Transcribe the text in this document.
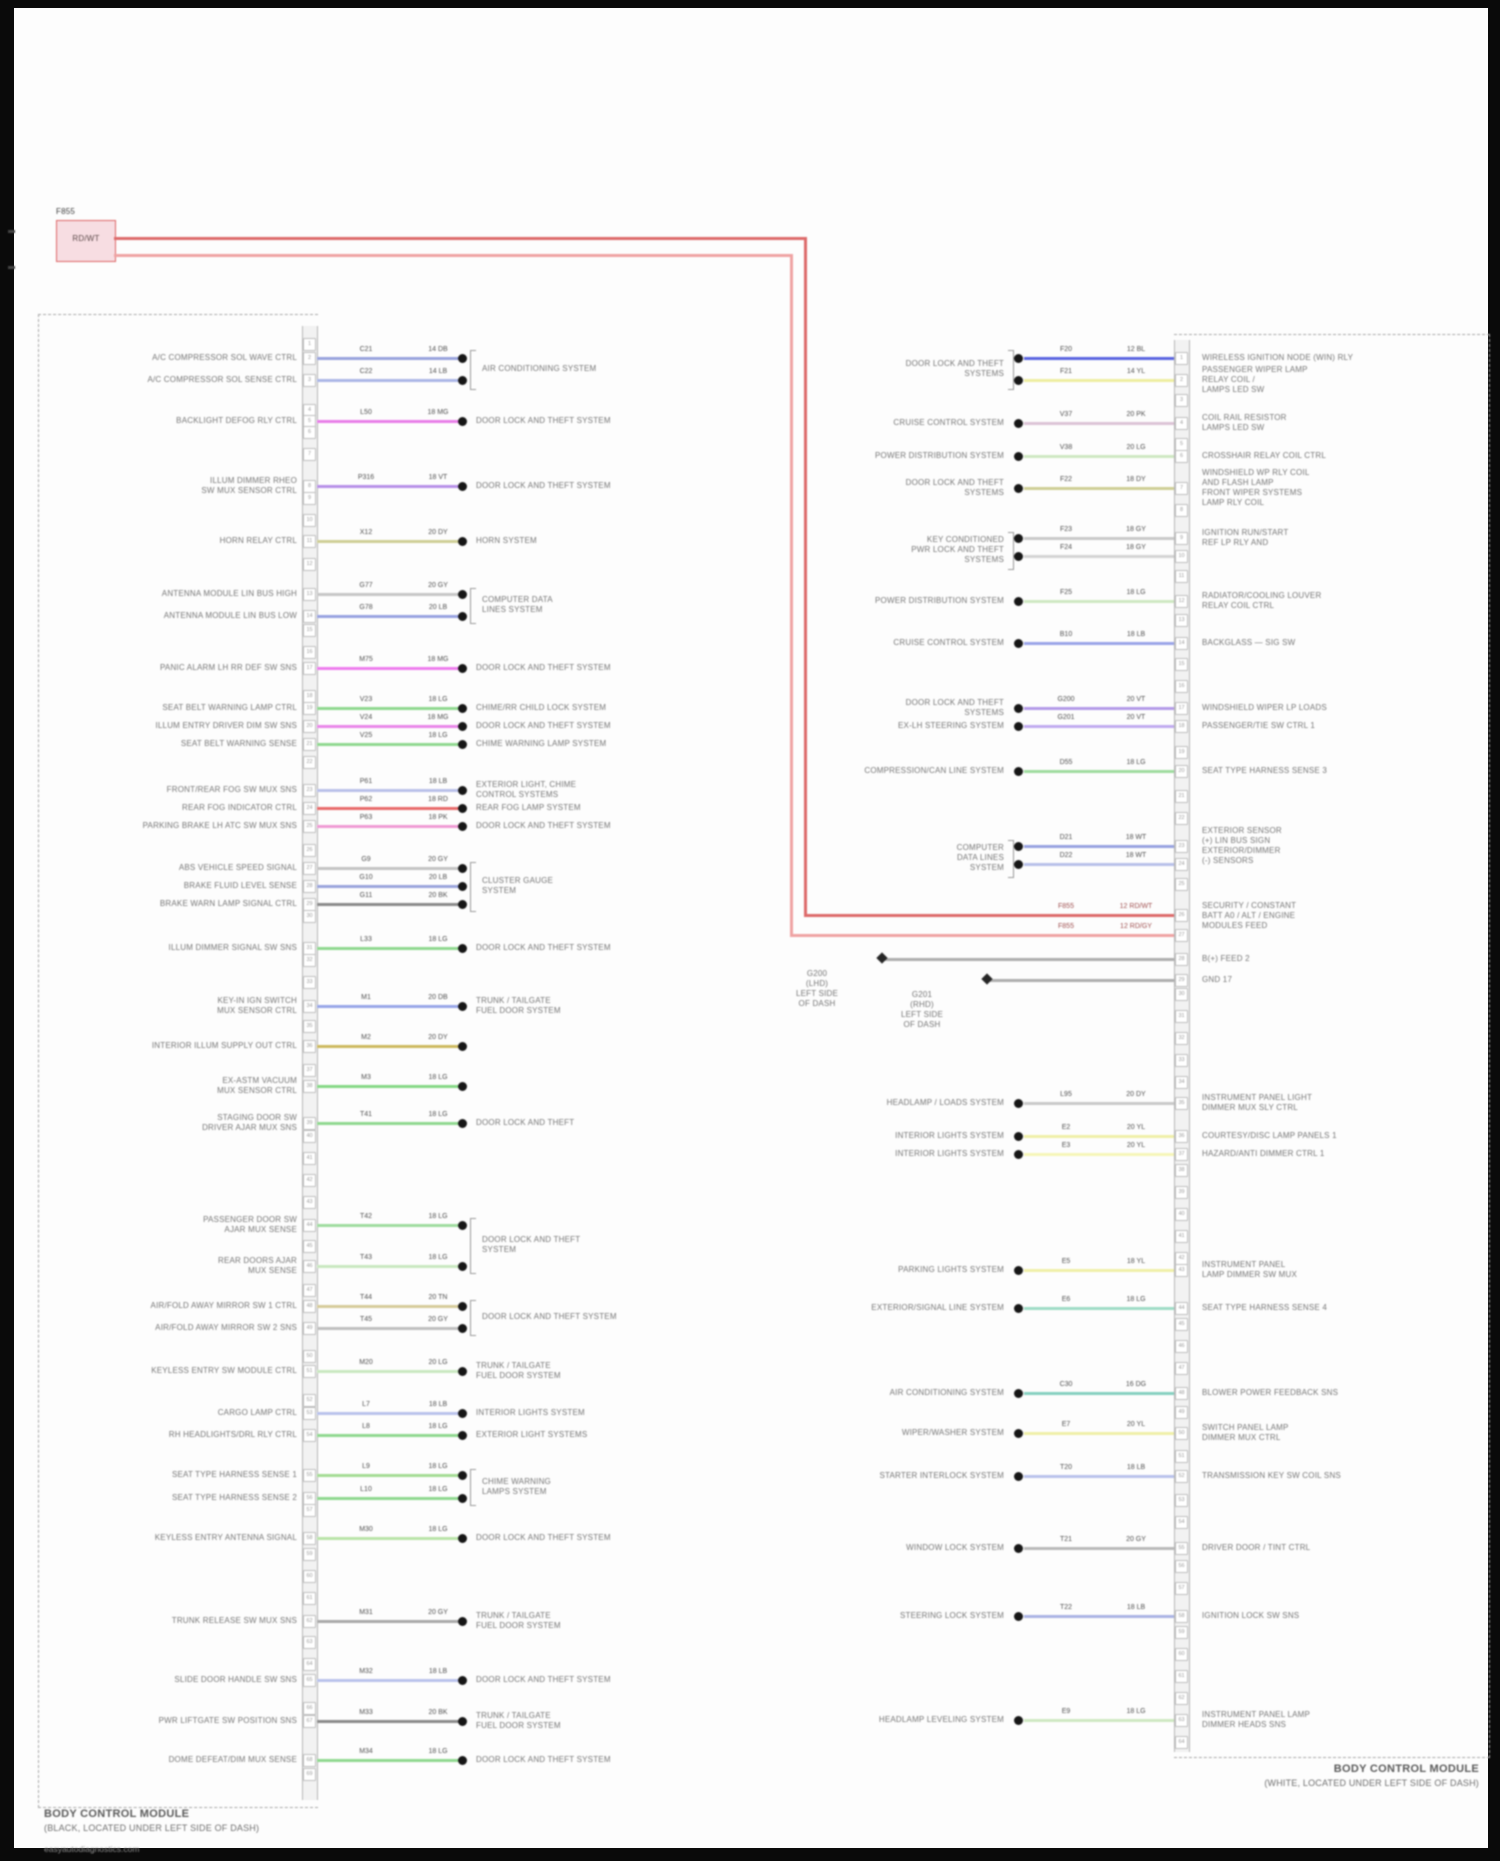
F855
RD/WT
F855	12 RD/WT	SECURITY / CONSTANT
BATT A0 / ALT / ENGINE
MODULES FEED
F855	12 RD/GY
G200
(LHD)
LEFT SIDE
OF DASH
B(+) FEED 2
G201
(RHD)
LEFT SIDE
OF DASH
GND 17
A/C COMPRESSOR SOL WAVE CTRL
C21	14 DB
AIR CONDITIONING SYSTEM
A/C COMPRESSOR SOL SENSE CTRL
C22	14 LB
BACKLIGHT DEFOG RLY CTRL
L50	18 MG
DOOR LOCK AND THEFT SYSTEM
ILLUM DIMMER RHEO
SW MUX SENSOR CTRL
P316	18 VT
DOOR LOCK AND THEFT SYSTEM
HORN RELAY CTRL
X12	20 DY
HORN SYSTEM
ANTENNA MODULE LIN BUS HIGH
G77	20 GY
COMPUTER DATA
LINES SYSTEM
ANTENNA MODULE LIN BUS LOW
G78	20 LB
PANIC ALARM LH RR DEF SW SNS
M75	18 MG
DOOR LOCK AND THEFT SYSTEM
SEAT BELT WARNING LAMP CTRL
V23	18 LG
CHIME/RR CHILD LOCK SYSTEM
ILLUM ENTRY DRIVER DIM SW SNS
V24	18 MG
DOOR LOCK AND THEFT SYSTEM
SEAT BELT WARNING SENSE
V25	18 LG
CHIME WARNING LAMP SYSTEM
FRONT/REAR FOG SW MUX SNS
P61	18 LB	EXTERIOR LIGHT, CHIME
CONTROL SYSTEMS
REAR FOG INDICATOR CTRL
P62	18 RD
REAR FOG LAMP SYSTEM
PARKING BRAKE LH ATC SW MUX SNS
P63	18 PK
DOOR LOCK AND THEFT SYSTEM
ABS VEHICLE SPEED SIGNAL
G9	20 GY
CLUSTER GAUGE
SYSTEM
BRAKE FLUID LEVEL SENSE
G10	20 LB
BRAKE WARN LAMP SIGNAL CTRL
G11	20 BK
ILLUM DIMMER SIGNAL SW SNS
L33	18 LG
DOOR LOCK AND THEFT SYSTEM
KEY-IN IGN SWITCH
MUX SENSOR CTRL
M1	20 DB	TRUNK / TAILGATE
FUEL DOOR SYSTEM
INTERIOR ILLUM SUPPLY OUT CTRL
M2	20 DY
EX-ASTM VACUUM
MUX SENSOR CTRL
M3	18 LG
STAGING DOOR SW
DRIVER AJAR MUX SNS
T41	18 LG
DOOR LOCK AND THEFT
PASSENGER DOOR SW
AJAR MUX SENSE
T42	18 LG
DOOR LOCK AND THEFT
SYSTEM
REAR DOORS AJAR
MUX SENSE
T43	18 LG
AIR/FOLD AWAY MIRROR SW 1 CTRL
T44	20 TN
DOOR LOCK AND THEFT SYSTEM
AIR/FOLD AWAY MIRROR SW 2 SNS
T45	20 GY
KEYLESS ENTRY SW MODULE CTRL
M20	20 LG	TRUNK / TAILGATE
FUEL DOOR SYSTEM
CARGO LAMP CTRL
L7	18 LB
INTERIOR LIGHTS SYSTEM
RH HEADLIGHTS/DRL RLY CTRL
L8	18 LG
EXTERIOR LIGHT SYSTEMS
SEAT TYPE HARNESS SENSE 1
L9	18 LG
CHIME WARNING
LAMPS SYSTEM
SEAT TYPE HARNESS SENSE 2
L10	18 LG
KEYLESS ENTRY ANTENNA SIGNAL
M30	18 LG
DOOR LOCK AND THEFT SYSTEM
TRUNK RELEASE SW MUX SNS
M31	20 GY	TRUNK / TAILGATE
FUEL DOOR SYSTEM
SLIDE DOOR HANDLE SW SNS
M32	18 LB
DOOR LOCK AND THEFT SYSTEM
PWR LIFTGATE SW POSITION SNS
M33	20 BK	TRUNK / TAILGATE
FUEL DOOR SYSTEM
DOME DEFEAT/DIM MUX SENSE
M34	18 LG
DOOR LOCK AND THEFT SYSTEM
F20	12 BL
WIRELESS IGNITION NODE (WIN) RLY
DOOR LOCK AND THEFT
SYSTEMS	F21	14 YL	PASSENGER WIPER LAMP
RELAY COIL /
LAMPS LED SW
CRUISE CONTROL SYSTEM
V37	20 PK	COIL RAIL RESISTOR
LAMPS LED SW
POWER DISTRIBUTION SYSTEM
V38	20 LG
CROSSHAIR RELAY COIL CTRL
DOOR LOCK AND THEFT
SYSTEMS
F22	18 DY
WINDSHIELD WP RLY COIL
AND FLASH LAMP
FRONT WIPER SYSTEMS
LAMP RLY COIL
F23	18 GY	IGNITION RUN/START
REF LP RLY AND
KEY CONDITIONED
PWR LOCK AND THEFT
SYSTEMS
F24	18 GY
POWER DISTRIBUTION SYSTEM
F25	18 LG	RADIATOR/COOLING LOUVER
RELAY COIL CTRL
CRUISE CONTROL SYSTEM
B10	18 LB
BACKGLASS — SIG SW
DOOR LOCK AND THEFT
SYSTEMS
G200	20 VT
WINDSHIELD WIPER LP LOADS
EX-LH STEERING SYSTEM
G201	20 VT
PASSENGER/TIE SW CTRL 1
COMPRESSION/CAN LINE SYSTEM
D55	18 LG
SEAT TYPE HARNESS SENSE 3
D21	18 WT
EXTERIOR SENSOR
(+) LIN BUS SIGN
EXTERIOR/DIMMER
(-) SENSORS
COMPUTER
DATA LINES
SYSTEM
D22	18 WT
HEADLAMP / LOADS SYSTEM
L95	20 DY	INSTRUMENT PANEL LIGHT
DIMMER MUX SLY CTRL
INTERIOR LIGHTS SYSTEM
E2	20 YL
COURTESY/DISC LAMP PANELS 1
INTERIOR LIGHTS SYSTEM
E3	20 YL
HAZARD/ANTI DIMMER CTRL 1
PARKING LIGHTS SYSTEM
E5	18 YL	INSTRUMENT PANEL
LAMP DIMMER SW MUX
EXTERIOR/SIGNAL LINE SYSTEM
E6	18 LG
SEAT TYPE HARNESS SENSE 4
AIR CONDITIONING SYSTEM
C30	16 DG
BLOWER POWER FEEDBACK SNS
WIPER/WASHER SYSTEM
E7	20 YL	SWITCH PANEL LAMP
DIMMER MUX CTRL
STARTER INTERLOCK SYSTEM
T20	18 LB
TRANSMISSION KEY SW COIL SNS
WINDOW LOCK SYSTEM
T21	20 GY
DRIVER DOOR / TINT CTRL
STEERING LOCK SYSTEM
T22	18 LB
IGNITION LOCK SW SNS
HEADLAMP LEVELING SYSTEM
E9	18 LG	INSTRUMENT PANEL LAMP
DIMMER HEADS SNS
1
2
3
4
5
6
7
8
9
10
11
12
13
14
15
16
17
18
19
20
21
22
23
24
25
26
27
28
29
30
31
32
33
34
35
36
37
38
39
40
41
42
43
44
45
46
47
48
49
50
51
52
53
54
55
56
57
58
59
60
61
62
63
64
65
66
67
68
69
1
2
3
4
5
6
7
8
9
10
11
12
13
14
15
16
17
18
19
20
21
22
23
24
25
26
27
28
29
30
31
32
33
34
35
36
37
38
39
40
41
42
43
44
45
46
47
48
49
50
51
52
53
54
55
56
57
58
59
60
61
62
63
64
BODY CONTROL MODULE
(BLACK, LOCATED UNDER LEFT SIDE OF DASH)
easyautodiagnostics.com
BODY CONTROL MODULE
(WHITE, LOCATED UNDER LEFT SIDE OF DASH)
